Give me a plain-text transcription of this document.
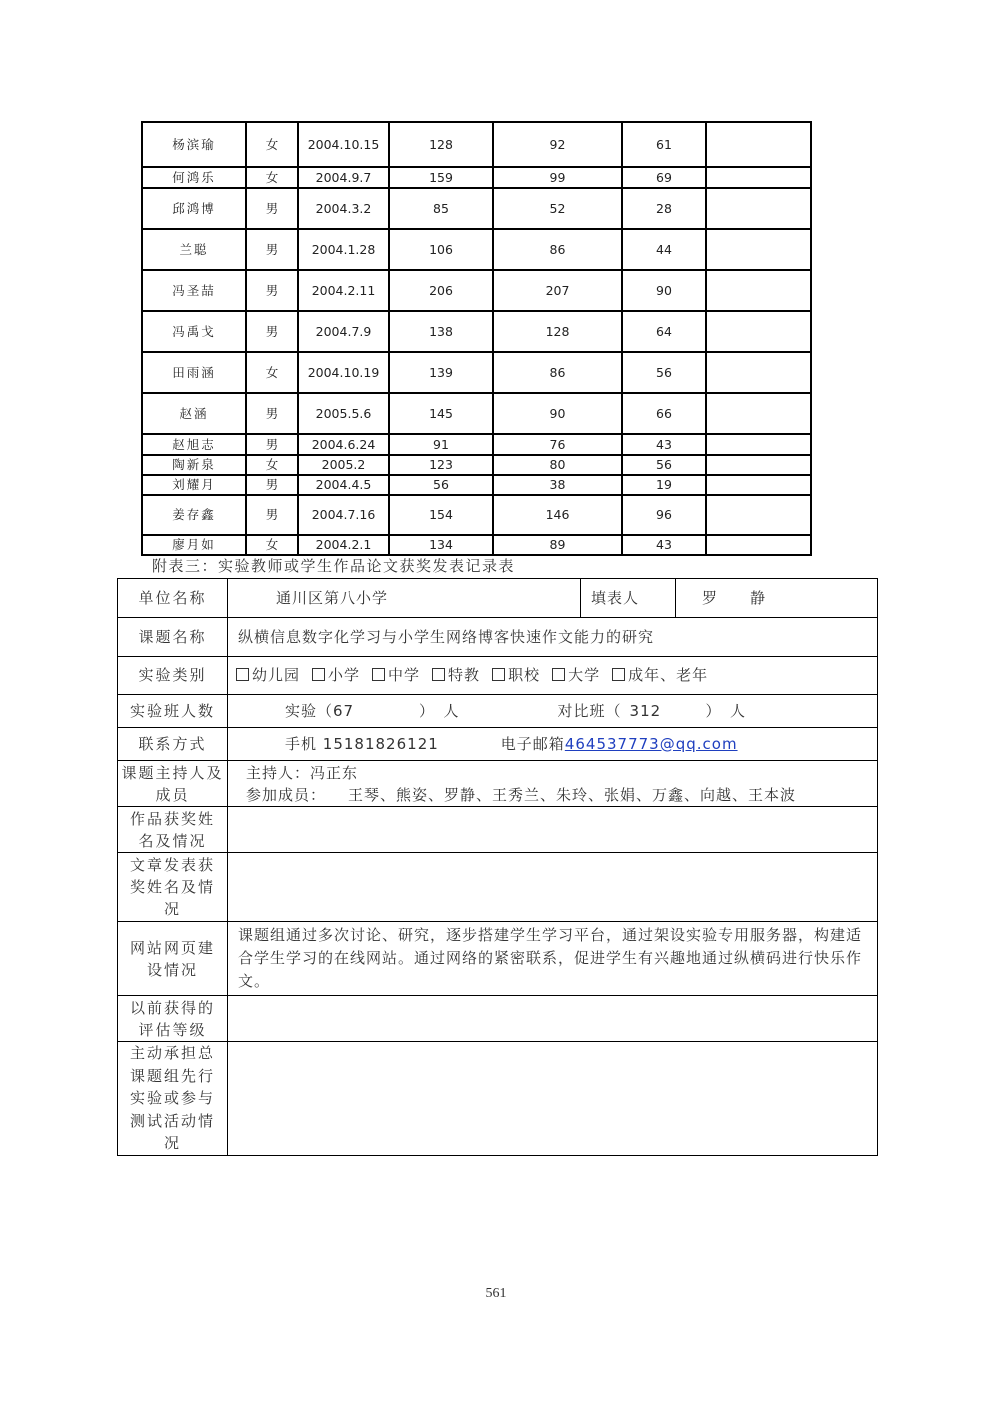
杨滨瑜	女	2004.10.15	128	92	61	
何鸿乐	女	2004.9.7	159	99	69	
邱鸿博	男	2004.3.2	85	52	28	
兰聪	男	2004.1.28	106	86	44	
冯圣喆	男	2004.2.11	206	207	90	
冯禹戈	男	2004.7.9	138	128	64	
田雨涵	女	2004.10.19	139	86	56	
赵涵	男	2005.5.6	145	90	66	
赵旭志	男	2004.6.24	91	76	43	
陶新泉	女	2005.2	123	80	56	
刘耀月	男	2004.4.5	56	38	19	
姜存鑫	男	2004.7.16	154	146	96	
廖月如	女	2004.2.1	134	89	43	
附表三：实验教师或学生作品论文获奖发表记录表
单位名称	通川区第八小学	填表人	罗　　静
课题名称	纵横信息数字化学习与小学生网络博客快速作文能力的研究		
实验类别	幼儿园 小学 中学 特教 职校 大学 成年、老年		
实验班人数	实验（67 ）　人 对比班（ 312 ）　人		
联系方式	手机 15181826121 电子邮箱464537773@qq.com		
课题主持人及成员	主持人：冯正东
参加成员： 王琴、熊姿、罗静、王秀兰、朱玲、张娟、万鑫、向越、王本波		

作品获奖姓名及情况			
文章发表获奖姓名及情况			
网站网页建设情况	课题组通过多次讨论、研究，逐步搭建学生学习平台，通过架设实验专用服务器，构建适合学生学习的在线网站。通过网络的紧密联系，促进学生有兴趣地通过纵横码进行快乐作文。		
以前获得的评估等级			
主动承担总课题组先行实验或参与测试活动情况			
561
